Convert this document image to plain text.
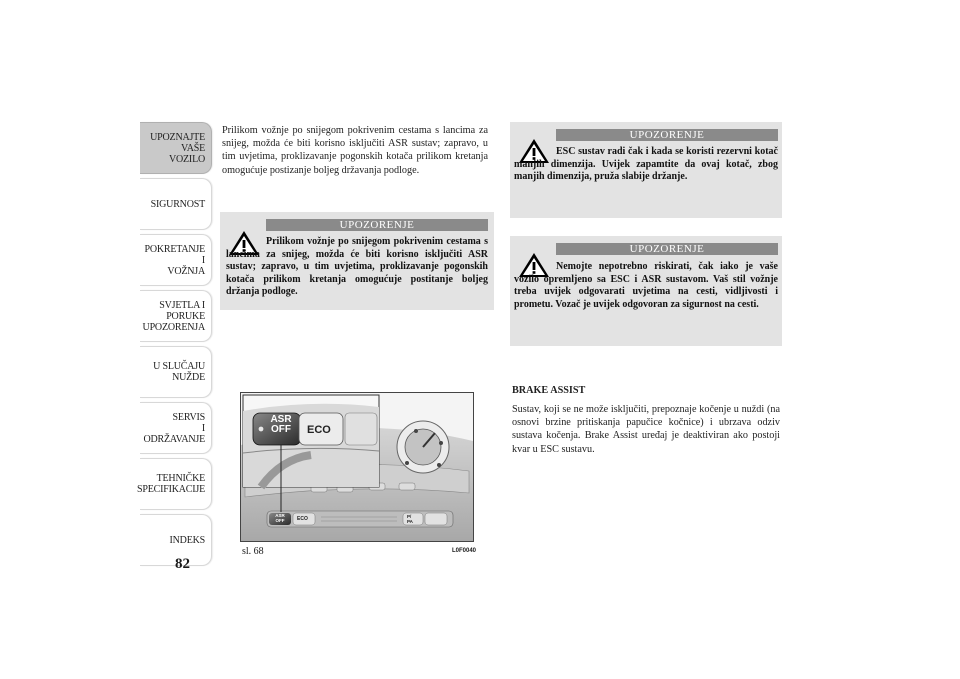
UPOZNAJTE
VAŠE
VOZILO
SIGURNOST
POKRETANJE
I
VOŽNJA
SVJETLA I
PORUKE
UPOZORENJA
U SLUČAJU
NUŽDE
SERVIS
I
ODRŽAVANJE
TEHNIČKE
SPECIFIKACIJE
INDEKS
82
Prilikom vožnje po snijegom pokrivenim cestama s lancima za snijeg, možda će biti korisno isključiti ASR sustav; zapravo, u tim uvjetima, proklizavanje pogonskih kotača prilikom kretanja omogućuje postizanje boljeg državanja podloge.
UPOZORENJE
Prilikom vožnje po snijegom pokrivenim cestama s lancima za snijeg, možda će biti korisno isključiti ASR sustav; zapravo, u tim uvjetima, proklizavanje pogonskih kotača prilikom kretanja omogućuje postitanje boljeg držanja podloge.
UPOZORENJE
ESC sustav radi čak i kada se koristi rezervni kotač manjih dimenzija. Uvijek zapamtite da ovaj kotač, zbog manjih dimenzija, pruža slabije držanje.
UPOZORENJE
Nemojte nepotrebno riskirati, čak iako je vaše vozilo opremljeno sa ESC i ASR sustavom. Vaš stil vožnje treba uvijek odgovarati uvjetima na cesti, vidljivosti i prometu. Vozač je uvijek odgovoran za sigurnost na cesti.
BRAKE ASSIST
Sustav, koji se ne može isključiti, prepoznaje kočenje u nuždi (na osnovi brzine pritiskanja papučice kočnice) i ubrzava odziv sustava kočenja. Brake Assist uređaj je deaktiviran ako postoji kvar u ESC sustavu.
ASR
OFF	ECO
ASR
OFF	ECO	P/
PA
sl. 68	L0F0040
